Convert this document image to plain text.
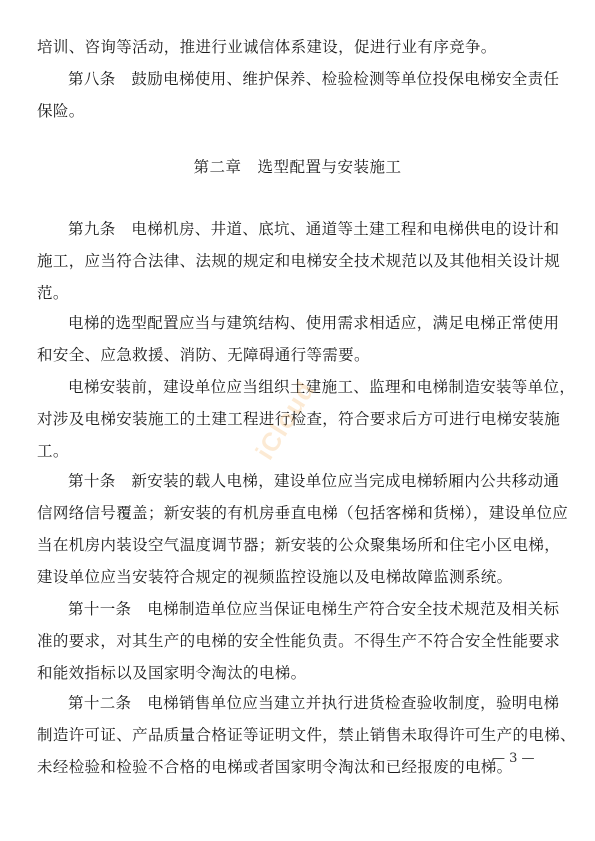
培训、咨询等活动，推进行业诚信体系建设，促进行业有序竞争。
第八条　鼓励电梯使用、维护保养、检验检测等单位投保电梯安全责任
保险。
第二章　选型配置与安装施工
第九条　电梯机房、井道、底坑、通道等土建工程和电梯供电的设计和
施工，应当符合法律、法规的规定和电梯安全技术规范以及其他相关设计规
范。
电梯的选型配置应当与建筑结构、使用需求相适应，满足电梯正常使用
和安全、应急救援、消防、无障碍通行等需要。
电梯安装前，建设单位应当组织土建施工、监理和电梯制造安装等单位，
对涉及电梯安装施工的土建工程进行检查，符合要求后方可进行电梯安装施
工。
第十条　新安装的载人电梯，建设单位应当完成电梯轿厢内公共移动通
信网络信号覆盖；新安装的有机房垂直电梯（包括客梯和货梯），建设单位应
当在机房内装设空气温度调节器；新安装的公众聚集场所和住宅小区电梯，
建设单位应当安装符合规定的视频监控设施以及电梯故障监测系统。
第十一条　电梯制造单位应当保证电梯生产符合安全技术规范及相关标
准的要求，对其生产的电梯的安全性能负责。不得生产不符合安全性能要求
和能效指标以及国家明令淘汰的电梯。
第十二条　电梯销售单位应当建立并执行进货检查验收制度，验明电梯
制造许可证、产品质量合格证等证明文件，禁止销售未取得许可生产的电梯、
未经检验和检验不合格的电梯或者国家明令淘汰和已经报废的电梯。
— 3 —
iCloud
